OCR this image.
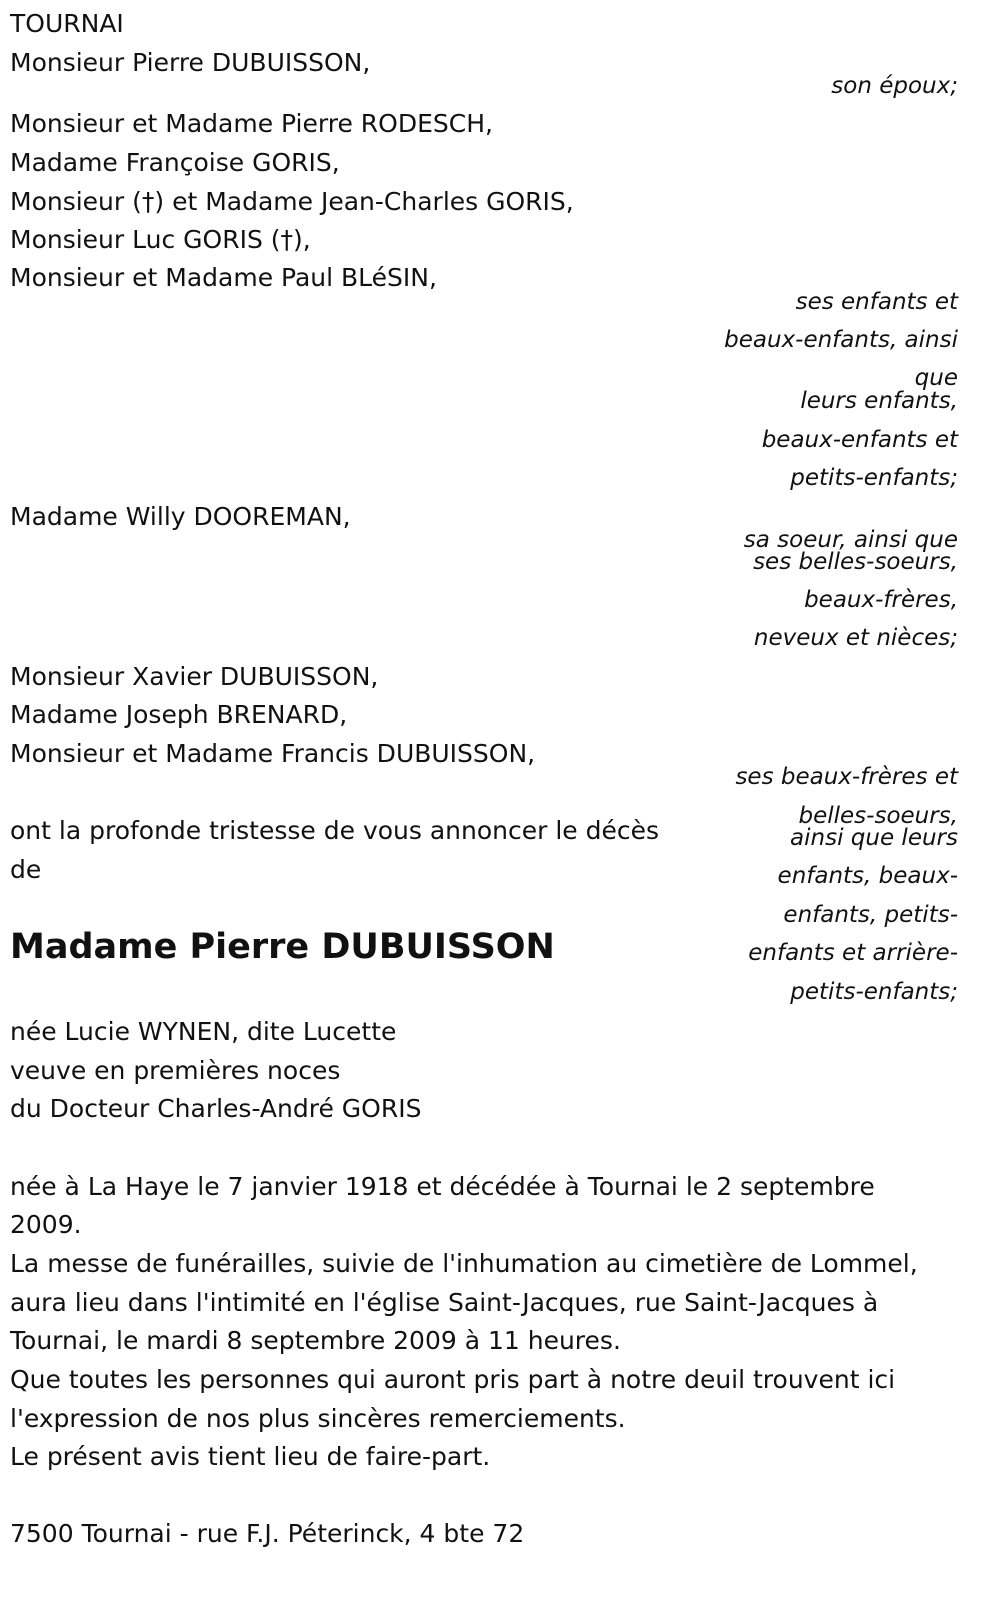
TOURNAI
Monsieur Pierre DUBUISSON,
son époux;
Monsieur et Madame Pierre RODESCH,
Madame Françoise GORIS,
Monsieur (†) et Madame Jean-Charles GORIS,
Monsieur Luc GORIS (†),
Monsieur et Madame Paul BLéSIN,
ses enfants et
beaux-enfants, ainsi
que
leurs enfants,
beaux-enfants et
petits-enfants;
Madame Willy DOOREMAN,
sa soeur, ainsi que
ses belles-soeurs,
beaux-frères,
neveux et nièces;
Monsieur Xavier DUBUISSON,
Madame Joseph BRENARD,
Monsieur et Madame Francis DUBUISSON,
ses beaux-frères et
belles-soeurs,
ainsi que leurs
enfants, beaux-
enfants, petits-
enfants et arrière-
petits-enfants;
ont la profonde tristesse de vous annoncer le décès
de
Madame Pierre DUBUISSON
née Lucie WYNEN, dite Lucette
veuve en premières noces
du Docteur Charles-André GORIS
née à La Haye le 7 janvier 1918 et décédée à Tournai le 2 septembre
2009.
La messe de funérailles, suivie de l'inhumation au cimetière de Lommel,
aura lieu dans l'intimité en l'église Saint-Jacques, rue Saint-Jacques à
Tournai, le mardi 8 septembre 2009 à 11 heures.
Que toutes les personnes qui auront pris part à notre deuil trouvent ici
l'expression de nos plus sincères remerciements.
Le présent avis tient lieu de faire-part.
7500 Tournai - rue F.J. Péterinck, 4 bte 72
